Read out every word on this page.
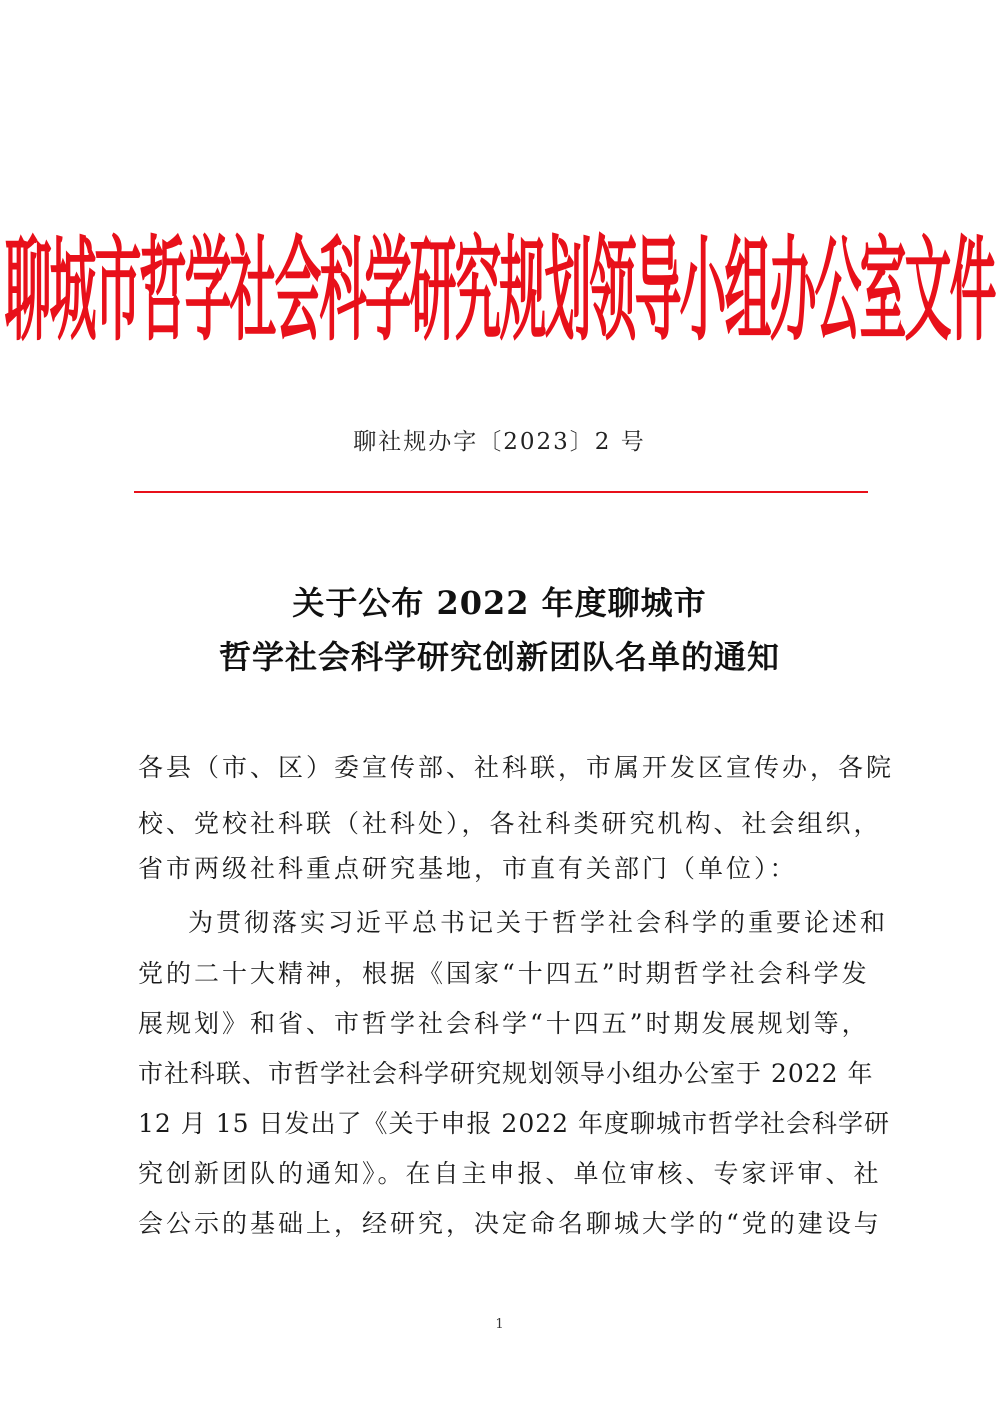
聊城市哲学社会科学研究规划领导小组办公室文件
聊社规办字〔2023〕2 号
关于公布 2022 年度聊城市
哲学社会科学研究创新团队名单的通知
各县（市、区）委宣传部、社科联，市属开发区宣传办，各院
校、党校社科联（社科处），各社科类研究机构、社会组织，
省市两级社科重点研究基地，市直有关部门（单位）：
为贯彻落实习近平总书记关于哲学社会科学的重要论述和
党的二十大精神，根据《国家“十四五”时期哲学社会科学发
展规划》和省、市哲学社会科学“十四五”时期发展规划等，
市社科联、市哲学社会科学研究规划领导小组办公室于 2022 年
12 月 15 日发出了《关于申报 2022 年度聊城市哲学社会科学研
究创新团队的通知》。在自主申报、单位审核、专家评审、社
会公示的基础上，经研究，决定命名聊城大学的“党的建设与
1
